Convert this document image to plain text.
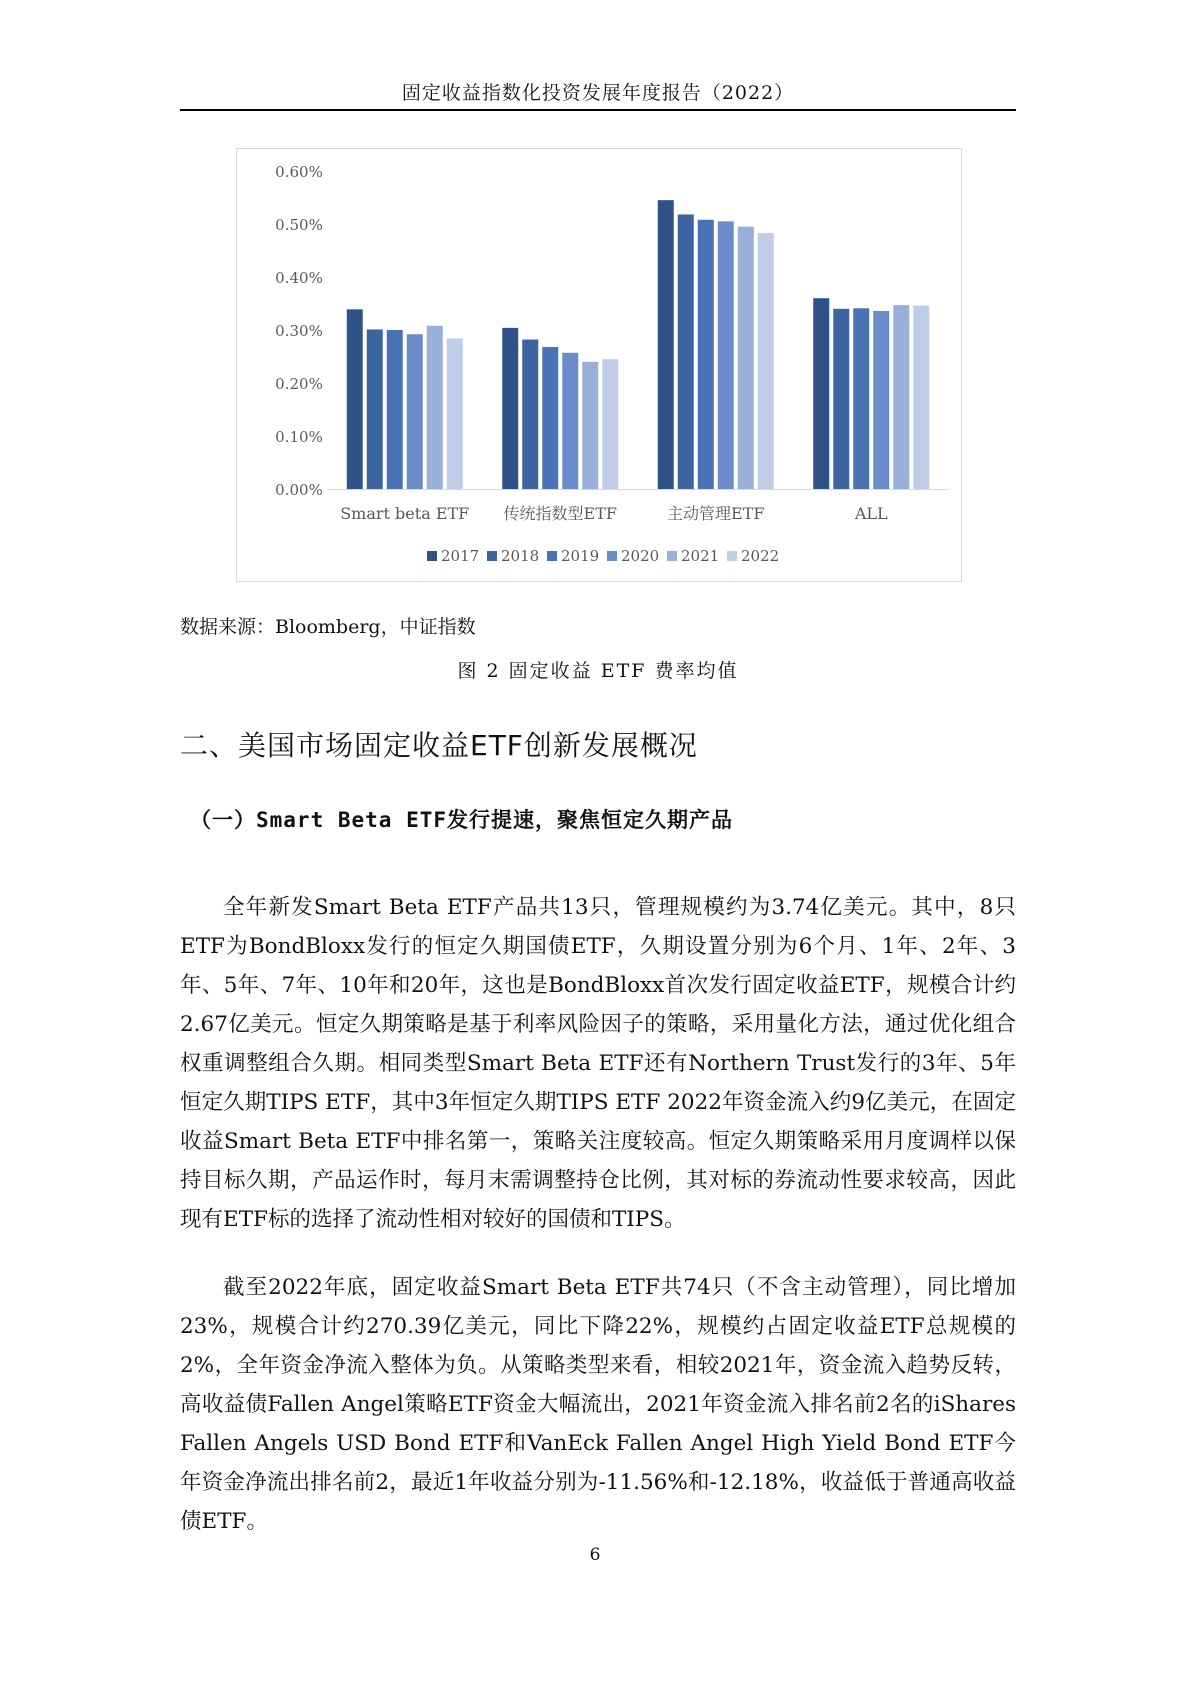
固定收益指数化投资发展年度报告（2022）
0.00%
0.10%
0.20%
0.30%
0.40%
0.50%
0.60%
Smart beta ETF 传统指数型ETF	主动管理ETF	ALL
2017 2018 2019 2020 2021 2022
数据来源：Bloomberg，中证指数
图 2 固定收益 ETF 费率均值
二、美国市场固定收益ETF创新发展概况
（一）Smart Beta ETF发行提速，聚焦恒定久期产品
全年新发Smart Beta ETF产品共13只，管理规模约为3.74亿美元。其中，8只ETF为BondBloxx发行的恒定久期国债ETF，久期设置分别为6个月、1年、2年、3年、5年、7年、10年和20年，这也是BondBloxx首次发行固定收益ETF，规模合计约2.67亿美元。恒定久期策略是基于利率风险因子的策略，采用量化方法，通过优化组合权重调整组合久期。相同类型Smart Beta ETF还有Northern Trust发行的3年、5年恒定久期TIPS ETF，其中3年恒定久期TIPS ETF 2022年资金流入约9亿美元，在固定收益Smart Beta ETF中排名第一，策略关注度较高。恒定久期策略采用月度调样以保持目标久期，产品运作时，每月末需调整持仓比例，其对标的券流动性要求较高，因此现有ETF标的选择了流动性相对较好的国债和TIPS。
截至2022年底，固定收益Smart Beta ETF共74只（不含主动管理），同比增加23%，规模合计约270.39亿美元，同比下降22%，规模约占固定收益ETF总规模的2%，全年资金净流入整体为负。从策略类型来看，相较2021年，资金流入趋势反转，高收益债Fallen Angel策略ETF资金大幅流出，2021年资金流入排名前2名的iShares Fallen Angels USD Bond ETF和VanEck Fallen Angel High Yield Bond ETF今年资金净流出排名前2，最近1年收益分别为-11.56%和-12.18%，收益低于普通高收益债ETF。
6
